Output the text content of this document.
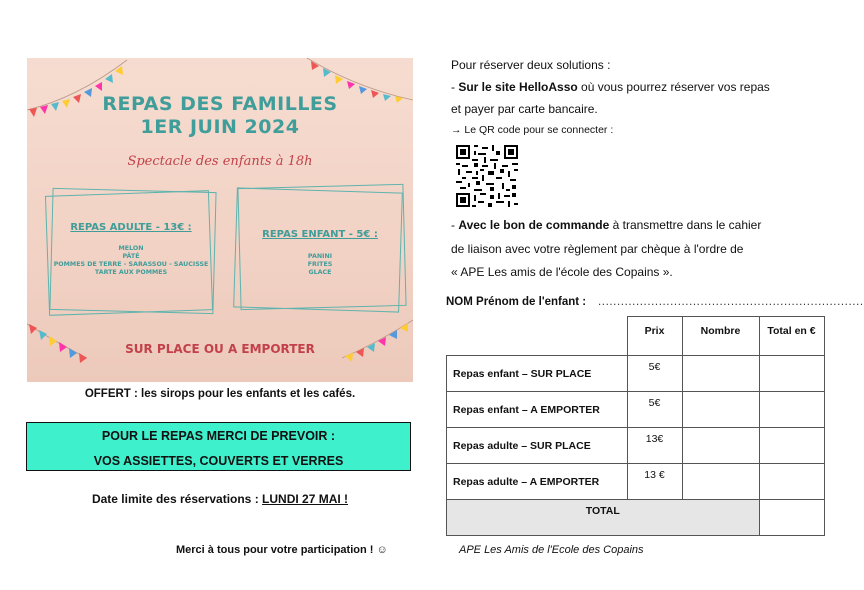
REPAS DES FAMILLES
1ER JUIN 2024
Spectacle des enfants à 18h
REPAS ADULTE - 13€ :
MELON
PÂTÉ
POMMES DE TERRE - SARASSOU - SAUCISSE
TARTE AUX POMMES
REPAS ENFANT - 5€ :
PANINI
FRITES
GLACE
SUR PLACE OU A EMPORTER
OFFERT : les sirops pour les enfants et les cafés.
POUR LE REPAS MERCI DE PREVOIR :
VOS ASSIETTES, COUVERTS ET VERRES
Date limite des réservations : LUNDI 27 MAI !
Pour réserver deux solutions :
- Sur le site HelloAsso où vous pourrez réserver vos repas
et payer par carte bancaire.
→ Le QR code pour se connecter :
- Avec le bon de commande à transmettre dans le cahier
de liaison avec votre règlement par chèque à l'ordre de
« APE Les amis de l'école des Copains ».
NOM Prénom de l'enfant : ......................................................................
	Prix	Nombre	Total en €
Repas enfant – SUR PLACE	5€		
Repas enfant – A EMPORTER	5€		
Repas adulte – SUR PLACE	13€		
Repas adulte – A EMPORTER	13 €		
TOTAL			
Merci à tous pour votre participation ! ☺	APE Les Amis de l'Ecole des Copains
